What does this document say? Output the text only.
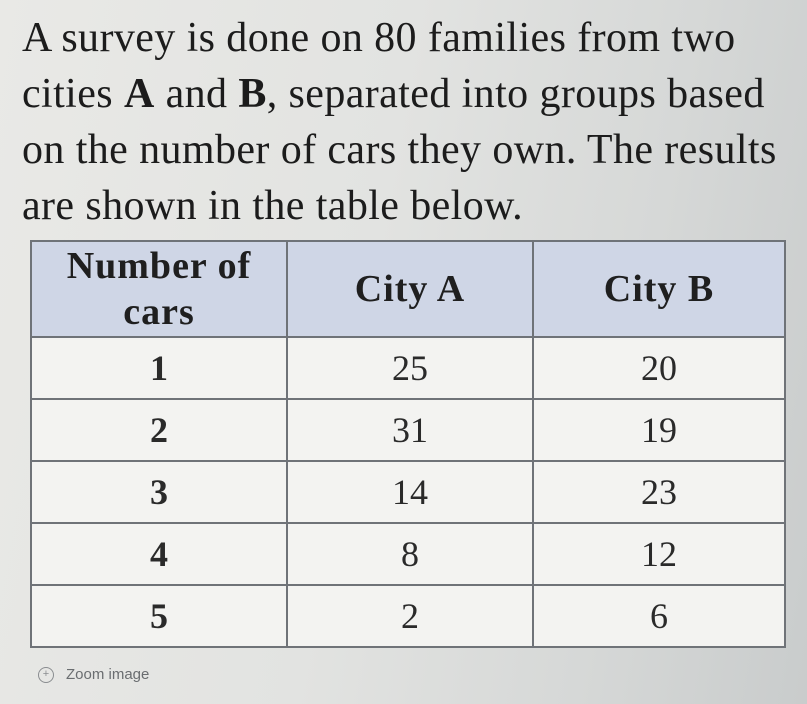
A survey is done on 80 families from two cities A and B, separated into groups based on the number of cars they own. The results are shown in the table below.
Number of cars	City A	City B
1	25	20
2	31	19
3	14	23
4	8	12
5	2	6
+	Zoom image
